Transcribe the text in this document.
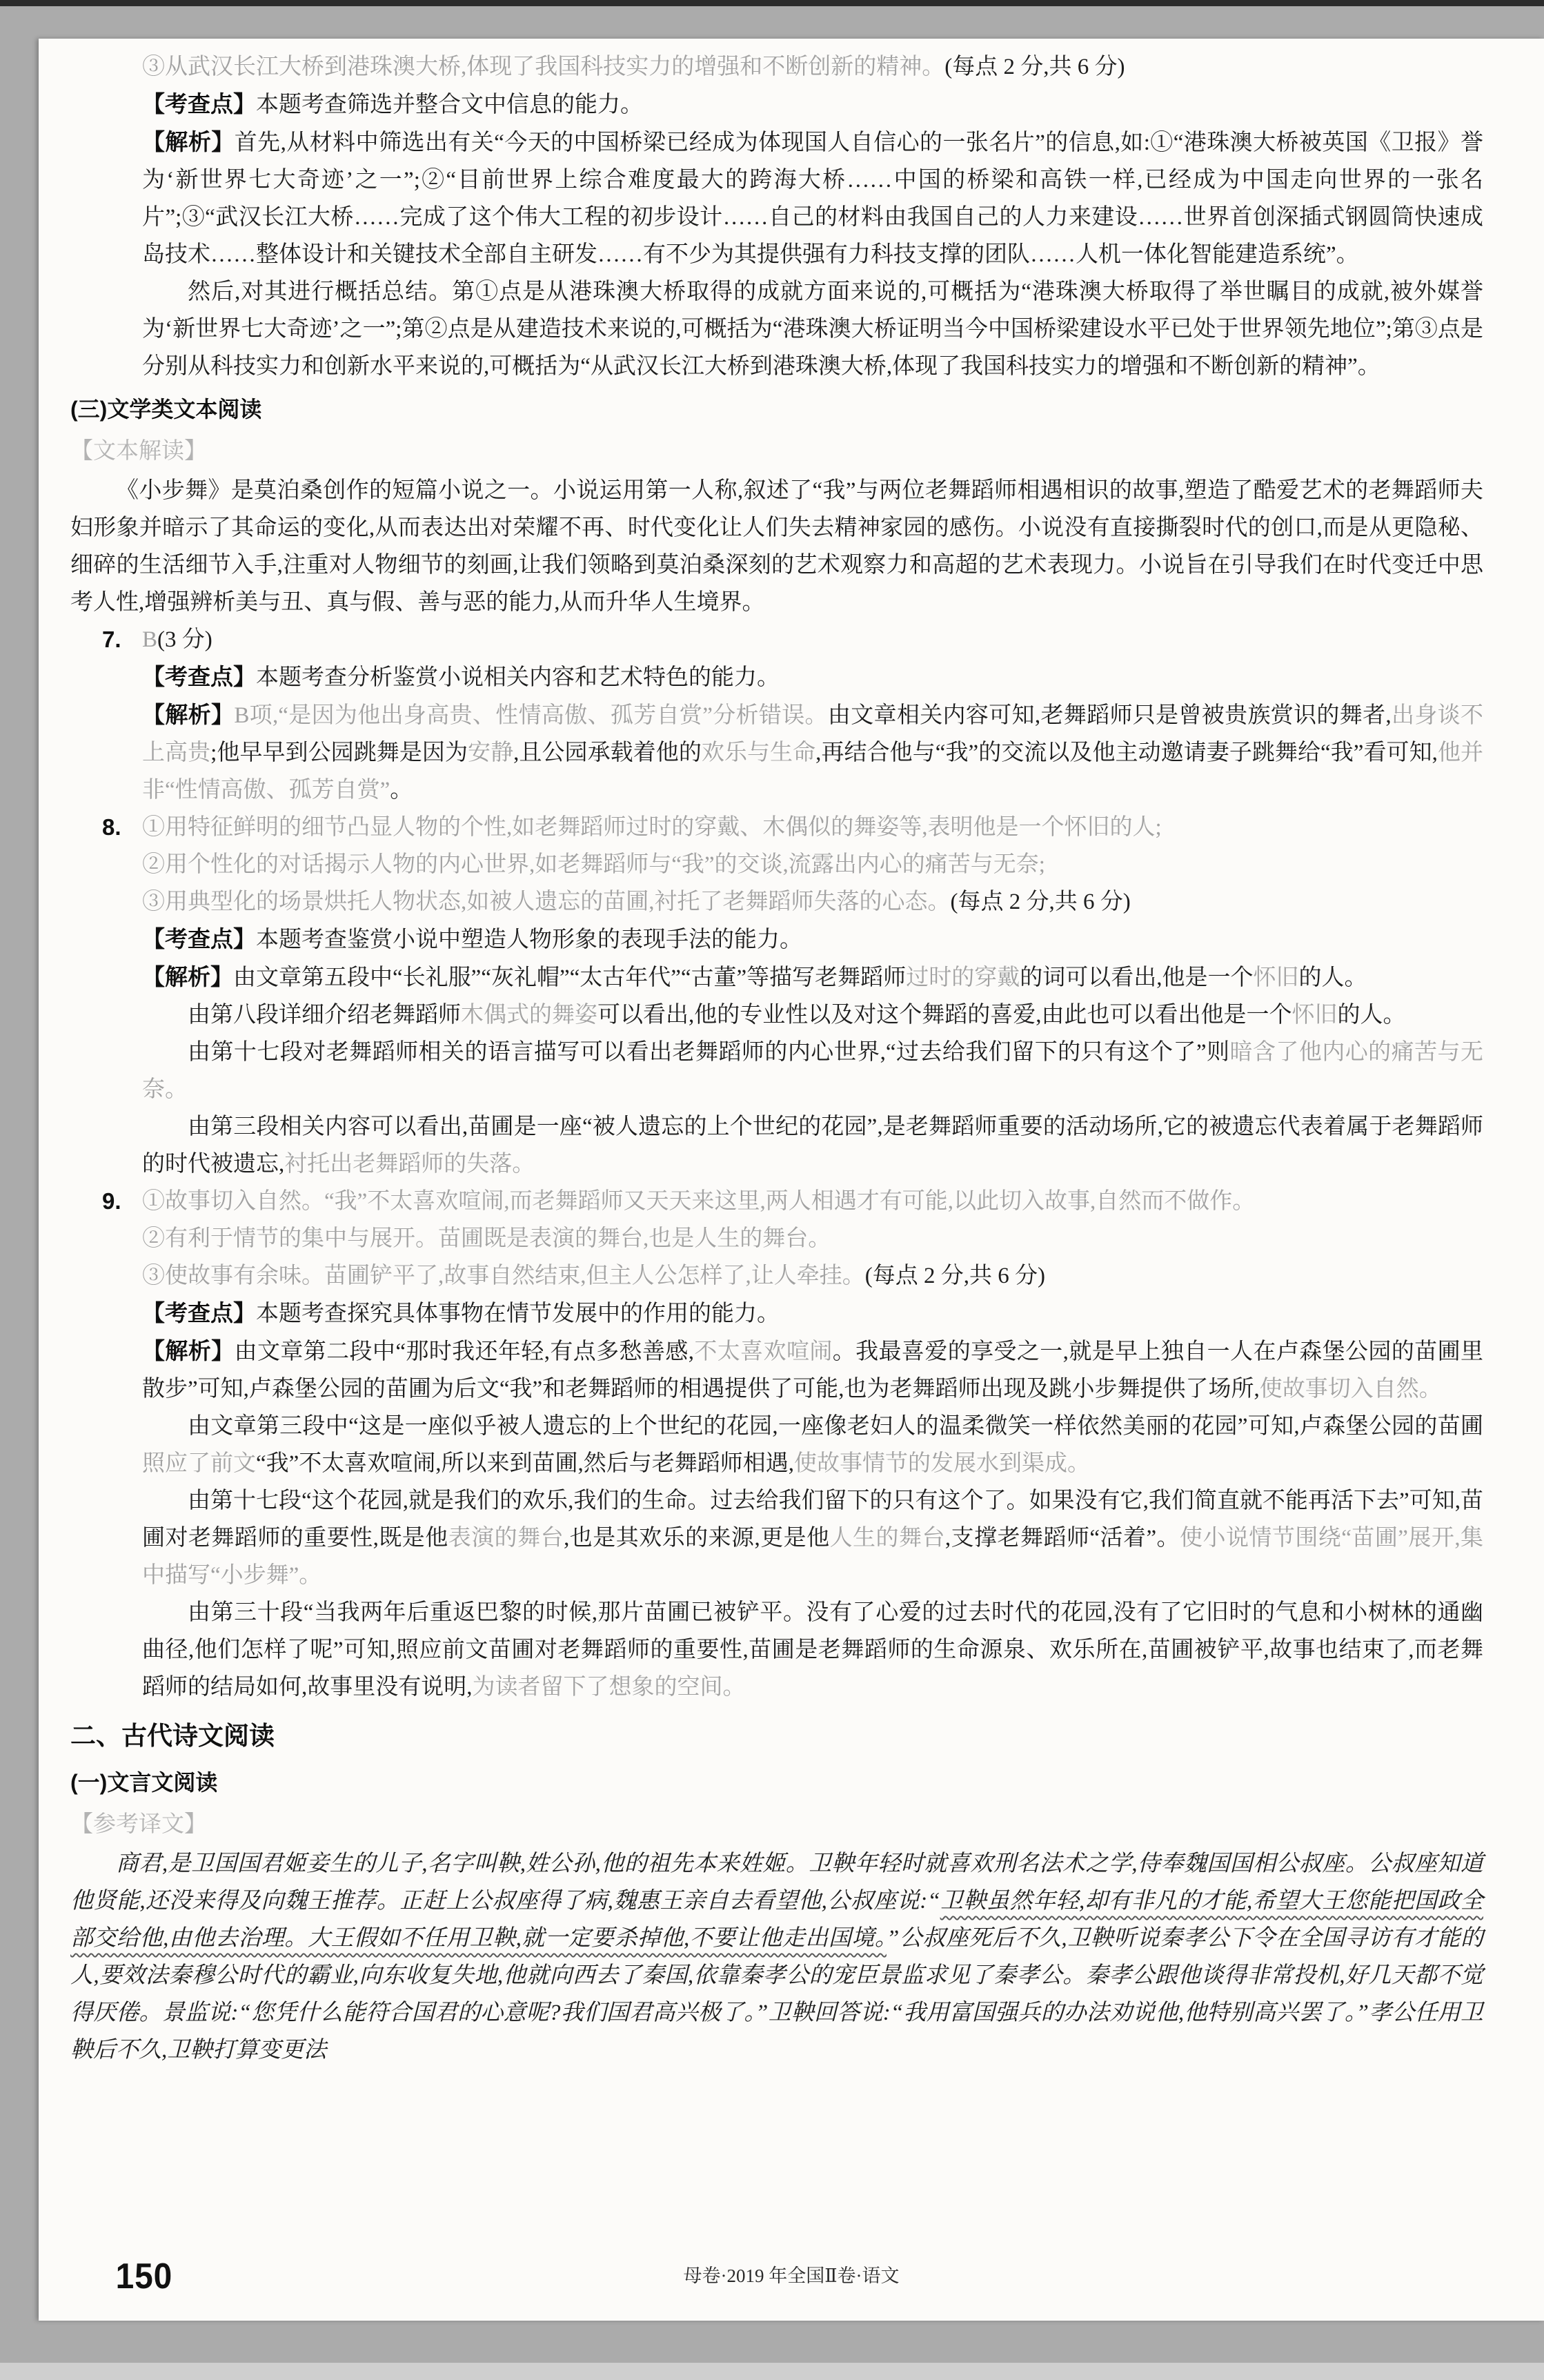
③从武汉长江大桥到港珠澳大桥,体现了我国科技实力的增强和不断创新的精神。(每点 2 分,共 6 分)
【考查点】本题考查筛选并整合文中信息的能力。
【解析】首先,从材料中筛选出有关“今天的中国桥梁已经成为体现国人自信心的一张名片”的信息,如:①“港珠澳大桥被英国《卫报》誉为‘新世界七大奇迹’之一”;②“目前世界上综合难度最大的跨海大桥……中国的桥梁和高铁一样,已经成为中国走向世界的一张名片”;③“武汉长江大桥……完成了这个伟大工程的初步设计……自己的材料由我国自己的人力来建设……世界首创深插式钢圆筒快速成岛技术……整体设计和关键技术全部自主研发……有不少为其提供强有力科技支撑的团队……人机一体化智能建造系统”。
然后,对其进行概括总结。第①点是从港珠澳大桥取得的成就方面来说的,可概括为“港珠澳大桥取得了举世瞩目的成就,被外媒誉为‘新世界七大奇迹’之一”;第②点是从建造技术来说的,可概括为“港珠澳大桥证明当今中国桥梁建设水平已处于世界领先地位”;第③点是分别从科技实力和创新水平来说的,可概括为“从武汉长江大桥到港珠澳大桥,体现了我国科技实力的增强和不断创新的精神”。
(三)文学类文本阅读
【文本解读】
《小步舞》是莫泊桑创作的短篇小说之一。小说运用第一人称,叙述了“我”与两位老舞蹈师相遇相识的故事,塑造了酷爱艺术的老舞蹈师夫妇形象并暗示了其命运的变化,从而表达出对荣耀不再、时代变化让人们失去精神家园的感伤。小说没有直接撕裂时代的创口,而是从更隐秘、细碎的生活细节入手,注重对人物细节的刻画,让我们领略到莫泊桑深刻的艺术观察力和高超的艺术表现力。小说旨在引导我们在时代变迁中思考人性,增强辨析美与丑、真与假、善与恶的能力,从而升华人生境界。
7. B(3 分)
【考查点】本题考查分析鉴赏小说相关内容和艺术特色的能力。
【解析】B项,“是因为他出身高贵、性情高傲、孤芳自赏”分析错误。由文章相关内容可知,老舞蹈师只是曾被贵族赏识的舞者,出身谈不上高贵;他早早到公园跳舞是因为安静,且公园承载着他的欢乐与生命,再结合他与“我”的交流以及他主动邀请妻子跳舞给“我”看可知,他并非“性情高傲、孤芳自赏”。
8. ①用特征鲜明的细节凸显人物的个性,如老舞蹈师过时的穿戴、木偶似的舞姿等,表明他是一个怀旧的人;
②用个性化的对话揭示人物的内心世界,如老舞蹈师与“我”的交谈,流露出内心的痛苦与无奈;
③用典型化的场景烘托人物状态,如被人遗忘的苗圃,衬托了老舞蹈师失落的心态。(每点 2 分,共 6 分)
【考查点】本题考查鉴赏小说中塑造人物形象的表现手法的能力。
【解析】由文章第五段中“长礼服”“灰礼帽”“太古年代”“古董”等描写老舞蹈师过时的穿戴的词可以看出,他是一个怀旧的人。
由第八段详细介绍老舞蹈师木偶式的舞姿可以看出,他的专业性以及对这个舞蹈的喜爱,由此也可以看出他是一个怀旧的人。
由第十七段对老舞蹈师相关的语言描写可以看出老舞蹈师的内心世界,“过去给我们留下的只有这个了”则暗含了他内心的痛苦与无奈。
由第三段相关内容可以看出,苗圃是一座“被人遗忘的上个世纪的花园”,是老舞蹈师重要的活动场所,它的被遗忘代表着属于老舞蹈师的时代被遗忘,衬托出老舞蹈师的失落。
9. ①故事切入自然。“我”不太喜欢喧闹,而老舞蹈师又天天来这里,两人相遇才有可能,以此切入故事,自然而不做作。
②有利于情节的集中与展开。苗圃既是表演的舞台,也是人生的舞台。
③使故事有余味。苗圃铲平了,故事自然结束,但主人公怎样了,让人牵挂。(每点 2 分,共 6 分)
【考查点】本题考查探究具体事物在情节发展中的作用的能力。
【解析】由文章第二段中“那时我还年轻,有点多愁善感,不太喜欢喧闹。我最喜爱的享受之一,就是早上独自一人在卢森堡公园的苗圃里散步”可知,卢森堡公园的苗圃为后文“我”和老舞蹈师的相遇提供了可能,也为老舞蹈师出现及跳小步舞提供了场所,使故事切入自然。
由文章第三段中“这是一座似乎被人遗忘的上个世纪的花园,一座像老妇人的温柔微笑一样依然美丽的花园”可知,卢森堡公园的苗圃照应了前文“我”不太喜欢喧闹,所以来到苗圃,然后与老舞蹈师相遇,使故事情节的发展水到渠成。
由第十七段“这个花园,就是我们的欢乐,我们的生命。过去给我们留下的只有这个了。如果没有它,我们简直就不能再活下去”可知,苗圃对老舞蹈师的重要性,既是他表演的舞台,也是其欢乐的来源,更是他人生的舞台,支撑老舞蹈师“活着”。使小说情节围绕“苗圃”展开,集中描写“小步舞”。
由第三十段“当我两年后重返巴黎的时候,那片苗圃已被铲平。没有了心爱的过去时代的花园,没有了它旧时的气息和小树林的通幽曲径,他们怎样了呢”可知,照应前文苗圃对老舞蹈师的重要性,苗圃是老舞蹈师的生命源泉、欢乐所在,苗圃被铲平,故事也结束了,而老舞蹈师的结局如何,故事里没有说明,为读者留下了想象的空间。
二、古代诗文阅读
(一)文言文阅读
【参考译文】
商君,是卫国国君姬妾生的儿子,名字叫鞅,姓公孙,他的祖先本来姓姬。卫鞅年轻时就喜欢刑名法术之学,侍奉魏国国相公叔座。公叔座知道他贤能,还没来得及向魏王推荐。正赶上公叔座得了病,魏惠王亲自去看望他,公叔座说:“卫鞅虽然年轻,却有非凡的才能,希望大王您能把国政全部交给他,由他去治理。大王假如不任用卫鞅,就一定要杀掉他,不要让他走出国境。”公叔座死后不久,卫鞅听说秦孝公下令在全国寻访有才能的人,要效法秦穆公时代的霸业,向东收复失地,他就向西去了秦国,依靠秦孝公的宠臣景监求见了秦孝公。秦孝公跟他谈得非常投机,好几天都不觉得厌倦。景监说:“您凭什么能符合国君的心意呢?我们国君高兴极了。”卫鞅回答说:“我用富国强兵的办法劝说他,他特别高兴罢了。”孝公任用卫鞅后不久,卫鞅打算变更法
150	母卷·2019 年全国Ⅱ卷·语文
